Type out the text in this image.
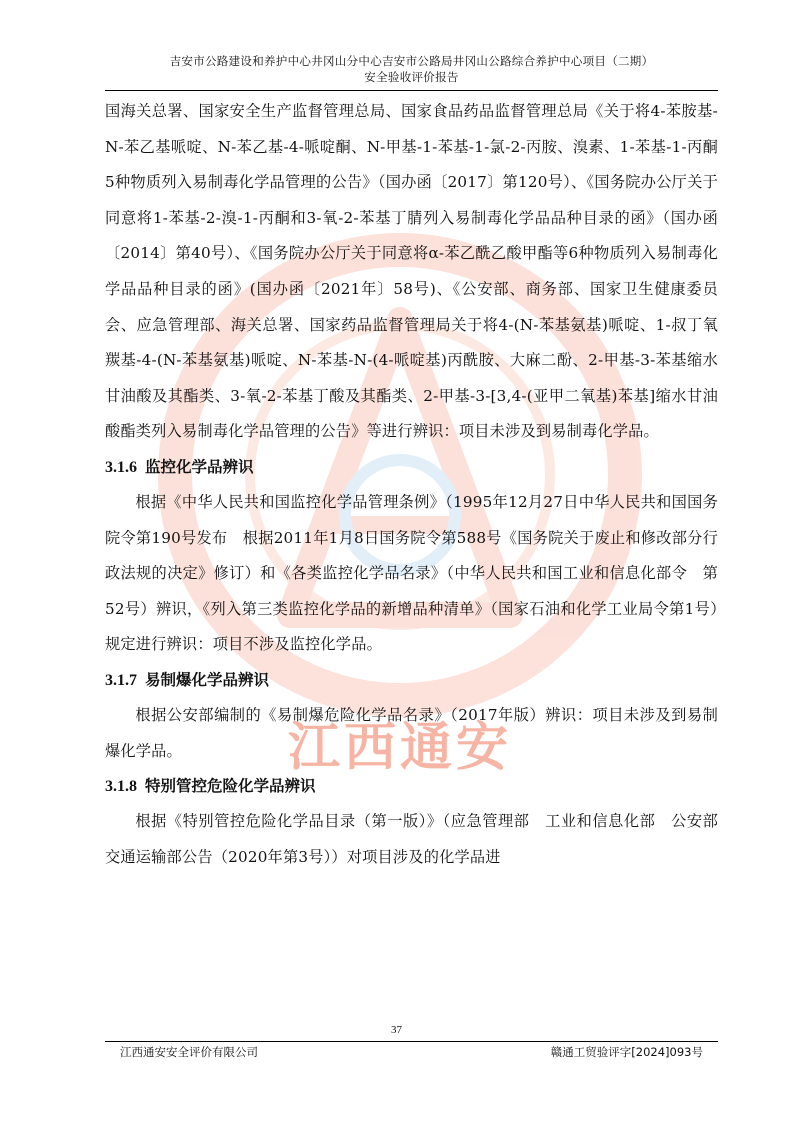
吉安市公路建设和养护中心井冈山分中心吉安市公路局井冈山公路综合养护中心项目（二期）
安全验收评价报告
江西通安

国海关总署、国家安全生产监督管理总局、国家食品药品监督管理总局《关于将4-苯胺基-N-苯乙基哌啶、N-苯乙基-4-哌啶酮、N-甲基-1-苯基-1-氯-2-丙胺、溴素、1-苯基-1-丙酮5种物质列入易制毒化学品管理的公告》（国办函〔2017〕第120号）、《国务院办公厅关于同意将1-苯基-2-溴-1-丙酮和3-氧-2-苯基丁腈列入易制毒化学品品种目录的函》（国办函〔2014〕第40号）、《国务院办公厅关于同意将α-苯乙酰乙酸甲酯等6种物质列入易制毒化学品品种目录的函》(国办函〔2021年〕58号)、《公安部、商务部、国家卫生健康委员会、应急管理部、海关总署、国家药品监督管理局关于将4-(N-苯基氨基)哌啶、1-叔丁氧羰基-4-(N-苯基氨基)哌啶、N-苯基-N-(4-哌啶基)丙酰胺、大麻二酚、2-甲基-3-苯基缩水甘油酸及其酯类、3-氧-2-苯基丁酸及其酯类、2-甲基-3-[3,4-(亚甲二氧基)苯基]缩水甘油酸酯类列入易制毒化学品管理的公告》等进行辨识：项目未涉及到易制毒化学品。

3.1.6 监控化学品辨识

根据《中华人民共和国监控化学品管理条例》（1995年12月27日中华人民共和国国务院令第190号发布　根据2011年1月8日国务院令第588号《国务院关于废止和修改部分行政法规的决定》修订）和《各类监控化学品名录》（中华人民共和国工业和信息化部令　第52号）辨识，《列入第三类监控化学品的新增品种清单》（国家石油和化学工业局令第1号）规定进行辨识：项目不涉及监控化学品。

3.1.7 易制爆化学品辨识

根据公安部编制的《易制爆危险化学品名录》（2017年版）辨识：项目未涉及到易制爆化学品。

3.1.8 特别管控危险化学品辨识

根据《特别管控危险化学品目录（第一版）》（应急管理部　工业和信息化部　公安部　交通运输部公告（2020年第3号））对项目涉及的化学品进

37
江西通安安全评价有限公司	赣通工贸验评字[2024]093号
